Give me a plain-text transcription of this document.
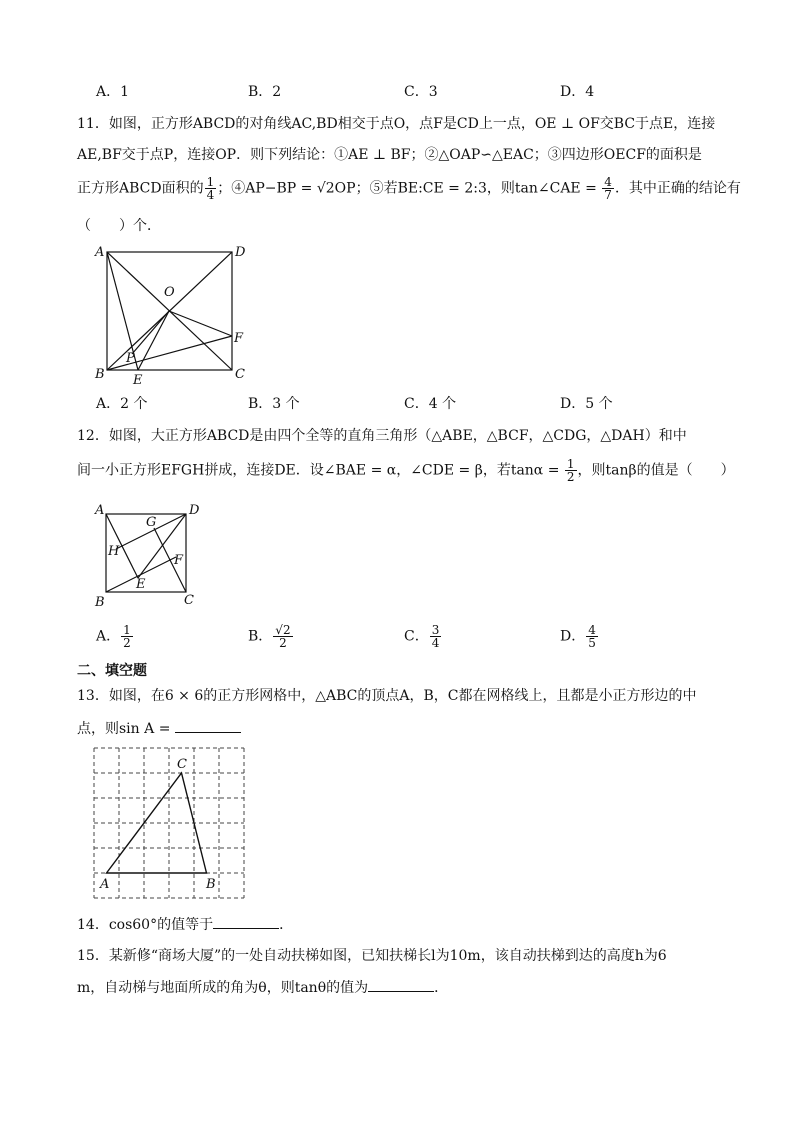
A．1	B．2	C．3	D．4
11．如图，正方形ABCD的对角线AC,BD相交于点O，点F是CD上一点，OE ⊥ OF交BC于点E，连接
AE,BF交于点P，连接OP．则下列结论：①AE ⊥ BF；②△OAP∽△EAC；③四边形OECF的面积是
正方形ABCD面积的 $\frac{1}{4}$ ；④AP−BP = √2OP；⑤若BE:CE = 2:3，则tan∠CAE = $\frac{4}{7}$ ．其中正确的结论有
（　　）个．
A	D
O
F
P
B E	C
A．2 个	B．3 个	C．4 个	D．5 个
12．如图，大正方形ABCD是由四个全等的直角三角形（△ABE，△BCF，△CDG，△DAH）和中
间一小正方形EFGH拼成，连接DE．设∠BAE = α，∠CDE = β，若$\tan\alpha = \frac{1}{2}$ ，则tanβ的值是（　　）
A
G
D
H
F
E
B	C
A． $\frac{1}{2}$	B． $\frac{√2}{2}$	C． $\frac{3}{4}$	D． $\frac{4}{5}$
二、填空题
13．如图，在6 × 6的正方形网格中，△ABC的顶点A，B，C都在网格线上，且都是小正方形边的中
点，则sin A =
A	B
C
14．cos60°的值等于	．
15．某新修“商场大厦”的一处自动扶梯如图，已知扶梯长l为10m，该自动扶梯到达的高度h为6
m，自动梯与地面所成的角为θ，则tanθ的值为	．
